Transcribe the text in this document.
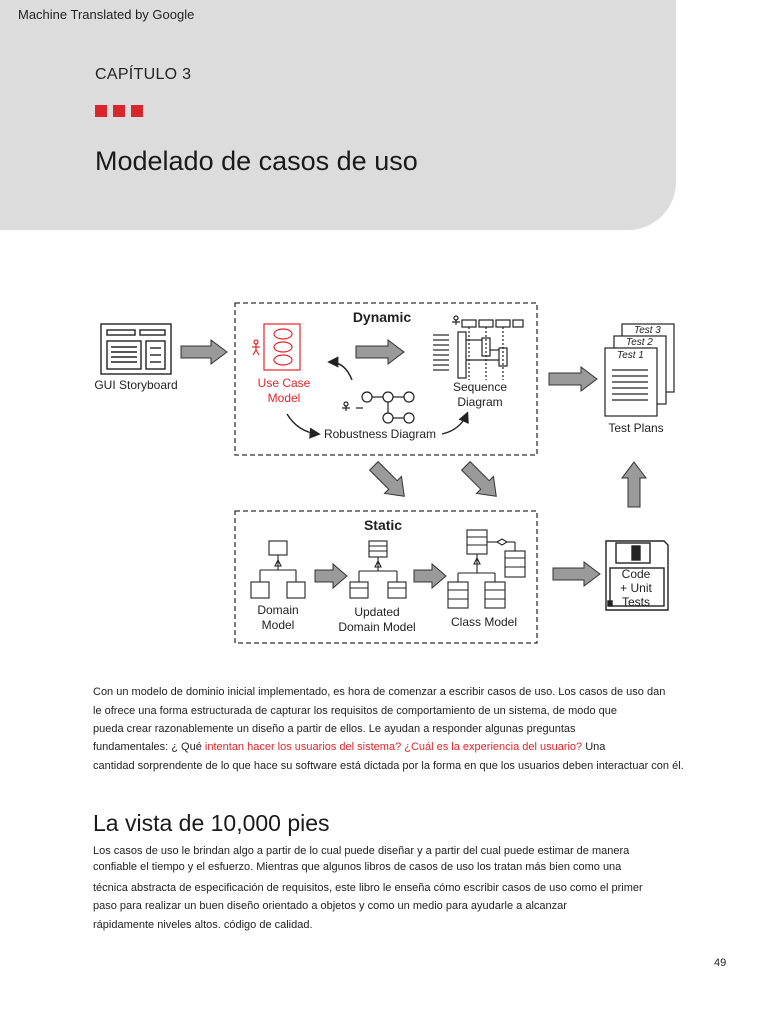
Machine Translated by Google
CAPÍTULO 3
Modelado de casos de uso
GUI Storyboard
Dynamic
Use Case
Model
Sequence
Diagram
Robustness Diagram
Test 3
Test 2
Test 1
Test Plans
Static
Domain
Model
Updated
Domain Model	Class Model
Code
+ Unit
Tests
Con un modelo de dominio inicial implementado, es hora de comenzar a escribir casos de uso. Los casos de uso dan
le ofrece una forma estructurada de capturar los requisitos de comportamiento de un sistema, de modo que
pueda crear razonablemente un diseño a partir de ellos. Le ayudan a responder algunas preguntas
fundamentales: ¿ Qué intentan hacer los usuarios del sistema? ¿Cuál es la experiencia del usuario? Una
cantidad sorprendente de lo que hace su software está dictada por la forma en que los usuarios deben interactuar con él.
La vista de 10,000 pies
Los casos de uso le brindan algo a partir de lo cual puede diseñar y a partir del cual puede estimar de manera
confiable el tiempo y el esfuerzo. Mientras que algunos libros de casos de uso los tratan más bien como una
técnica abstracta de especificación de requisitos, este libro le enseña cómo escribir casos de uso como el primer
paso para realizar un buen diseño orientado a objetos y como un medio para ayudarle a alcanzar
rápidamente niveles altos. código de calidad.
49
